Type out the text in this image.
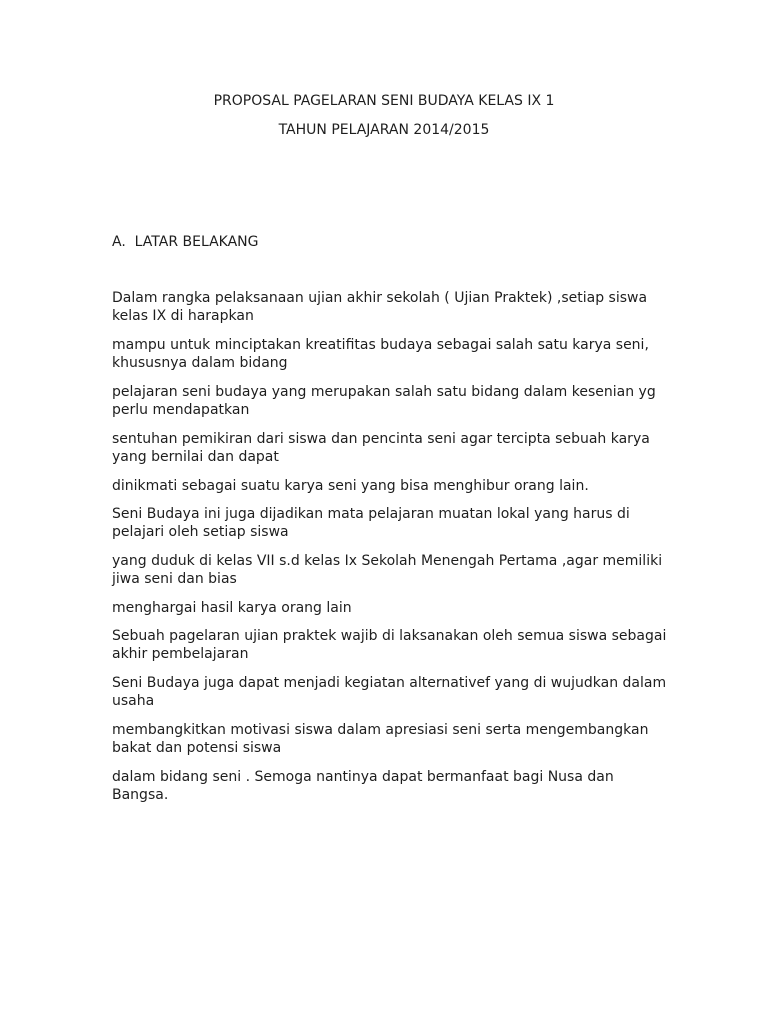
PROPOSAL PAGELARAN SENI BUDAYA KELAS IX 1
TAHUN PELAJARAN 2014/2015
A.  LATAR BELAKANG

Dalam rangka pelaksanaan ujian akhir sekolah ( Ujian Praktek) ,setiap siswa kelas IX di harapkan

mampu untuk minciptakan kreatifitas budaya sebagai salah satu karya seni, khususnya dalam bidang

pelajaran seni budaya yang merupakan salah satu bidang dalam kesenian yg perlu mendapatkan

sentuhan pemikiran dari siswa dan pencinta seni agar tercipta sebuah karya yang bernilai dan dapat

dinikmati sebagai suatu karya seni yang bisa menghibur orang lain.

Seni Budaya ini juga dijadikan mata pelajaran muatan lokal yang harus di pelajari oleh setiap siswa

yang duduk di kelas VII s.d kelas Ix Sekolah Menengah Pertama ,agar memiliki jiwa seni dan bias

menghargai hasil karya orang lain

Sebuah pagelaran ujian praktek wajib di laksanakan oleh semua siswa sebagai akhir pembelajaran

Seni Budaya juga dapat menjadi kegiatan alternativef yang di wujudkan dalam usaha

membangkitkan motivasi siswa dalam apresiasi seni serta mengembangkan bakat dan potensi siswa

dalam bidang seni . Semoga nantinya dapat bermanfaat bagi Nusa dan Bangsa.
